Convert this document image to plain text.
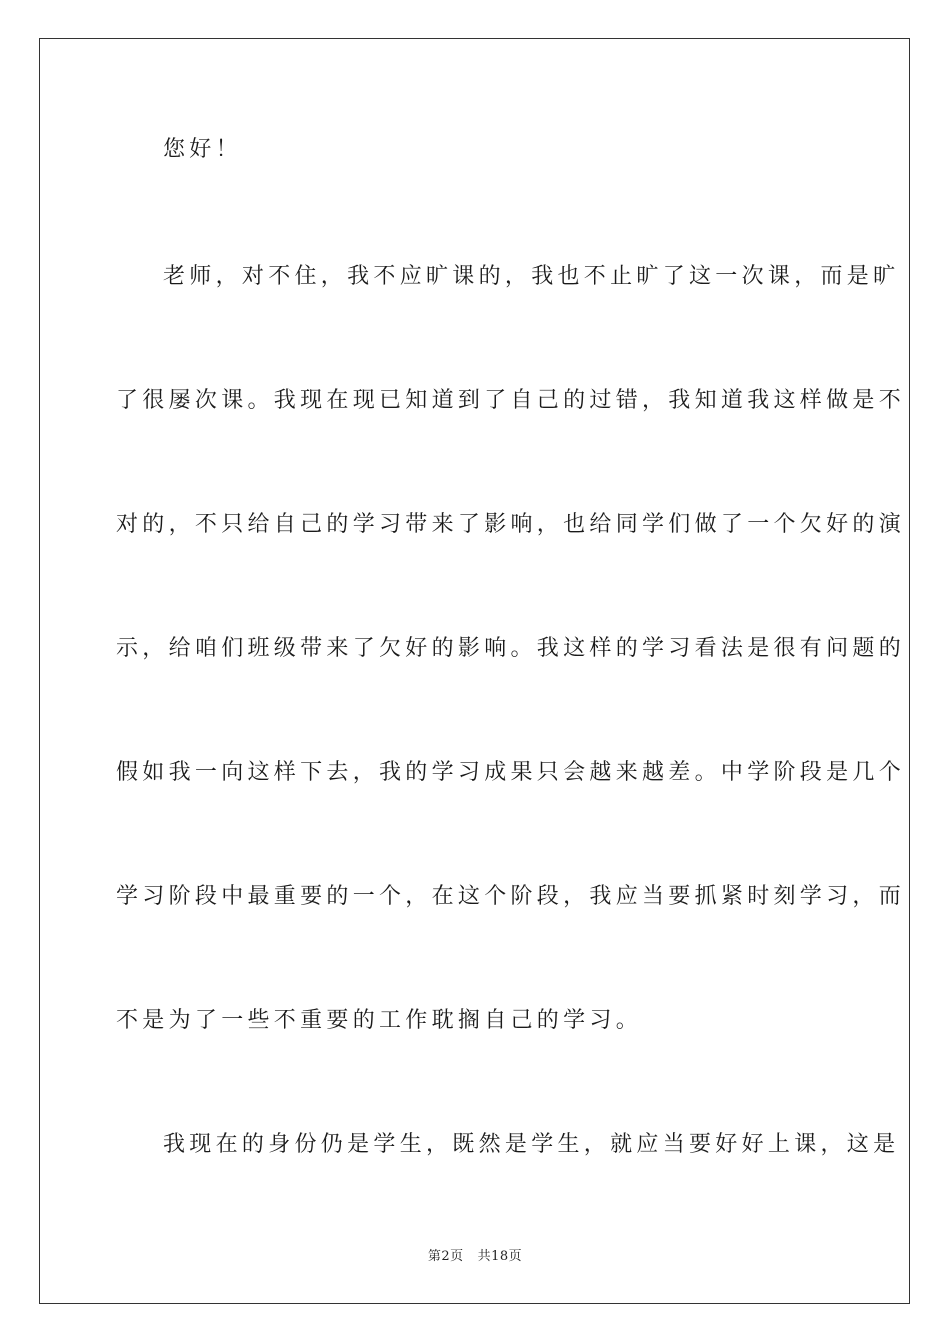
您好！
老师，对不住，我不应旷课的，我也不止旷了这一次课，而是旷
了很屡次课。我现在现已知道到了自己的过错，我知道我这样做是不
对的，不只给自己的学习带来了影响，也给同学们做了一个欠好的演
示，给咱们班级带来了欠好的影响。我这样的学习看法是很有问题的
假如我一向这样下去，我的学习成果只会越来越差。中学阶段是几个
学习阶段中最重要的一个，在这个阶段，我应当要抓紧时刻学习，而
不是为了一些不重要的工作耽搁自己的学习。
我现在的身份仍是学生，既然是学生，就应当要好好上课，这是
第2页 共18页
